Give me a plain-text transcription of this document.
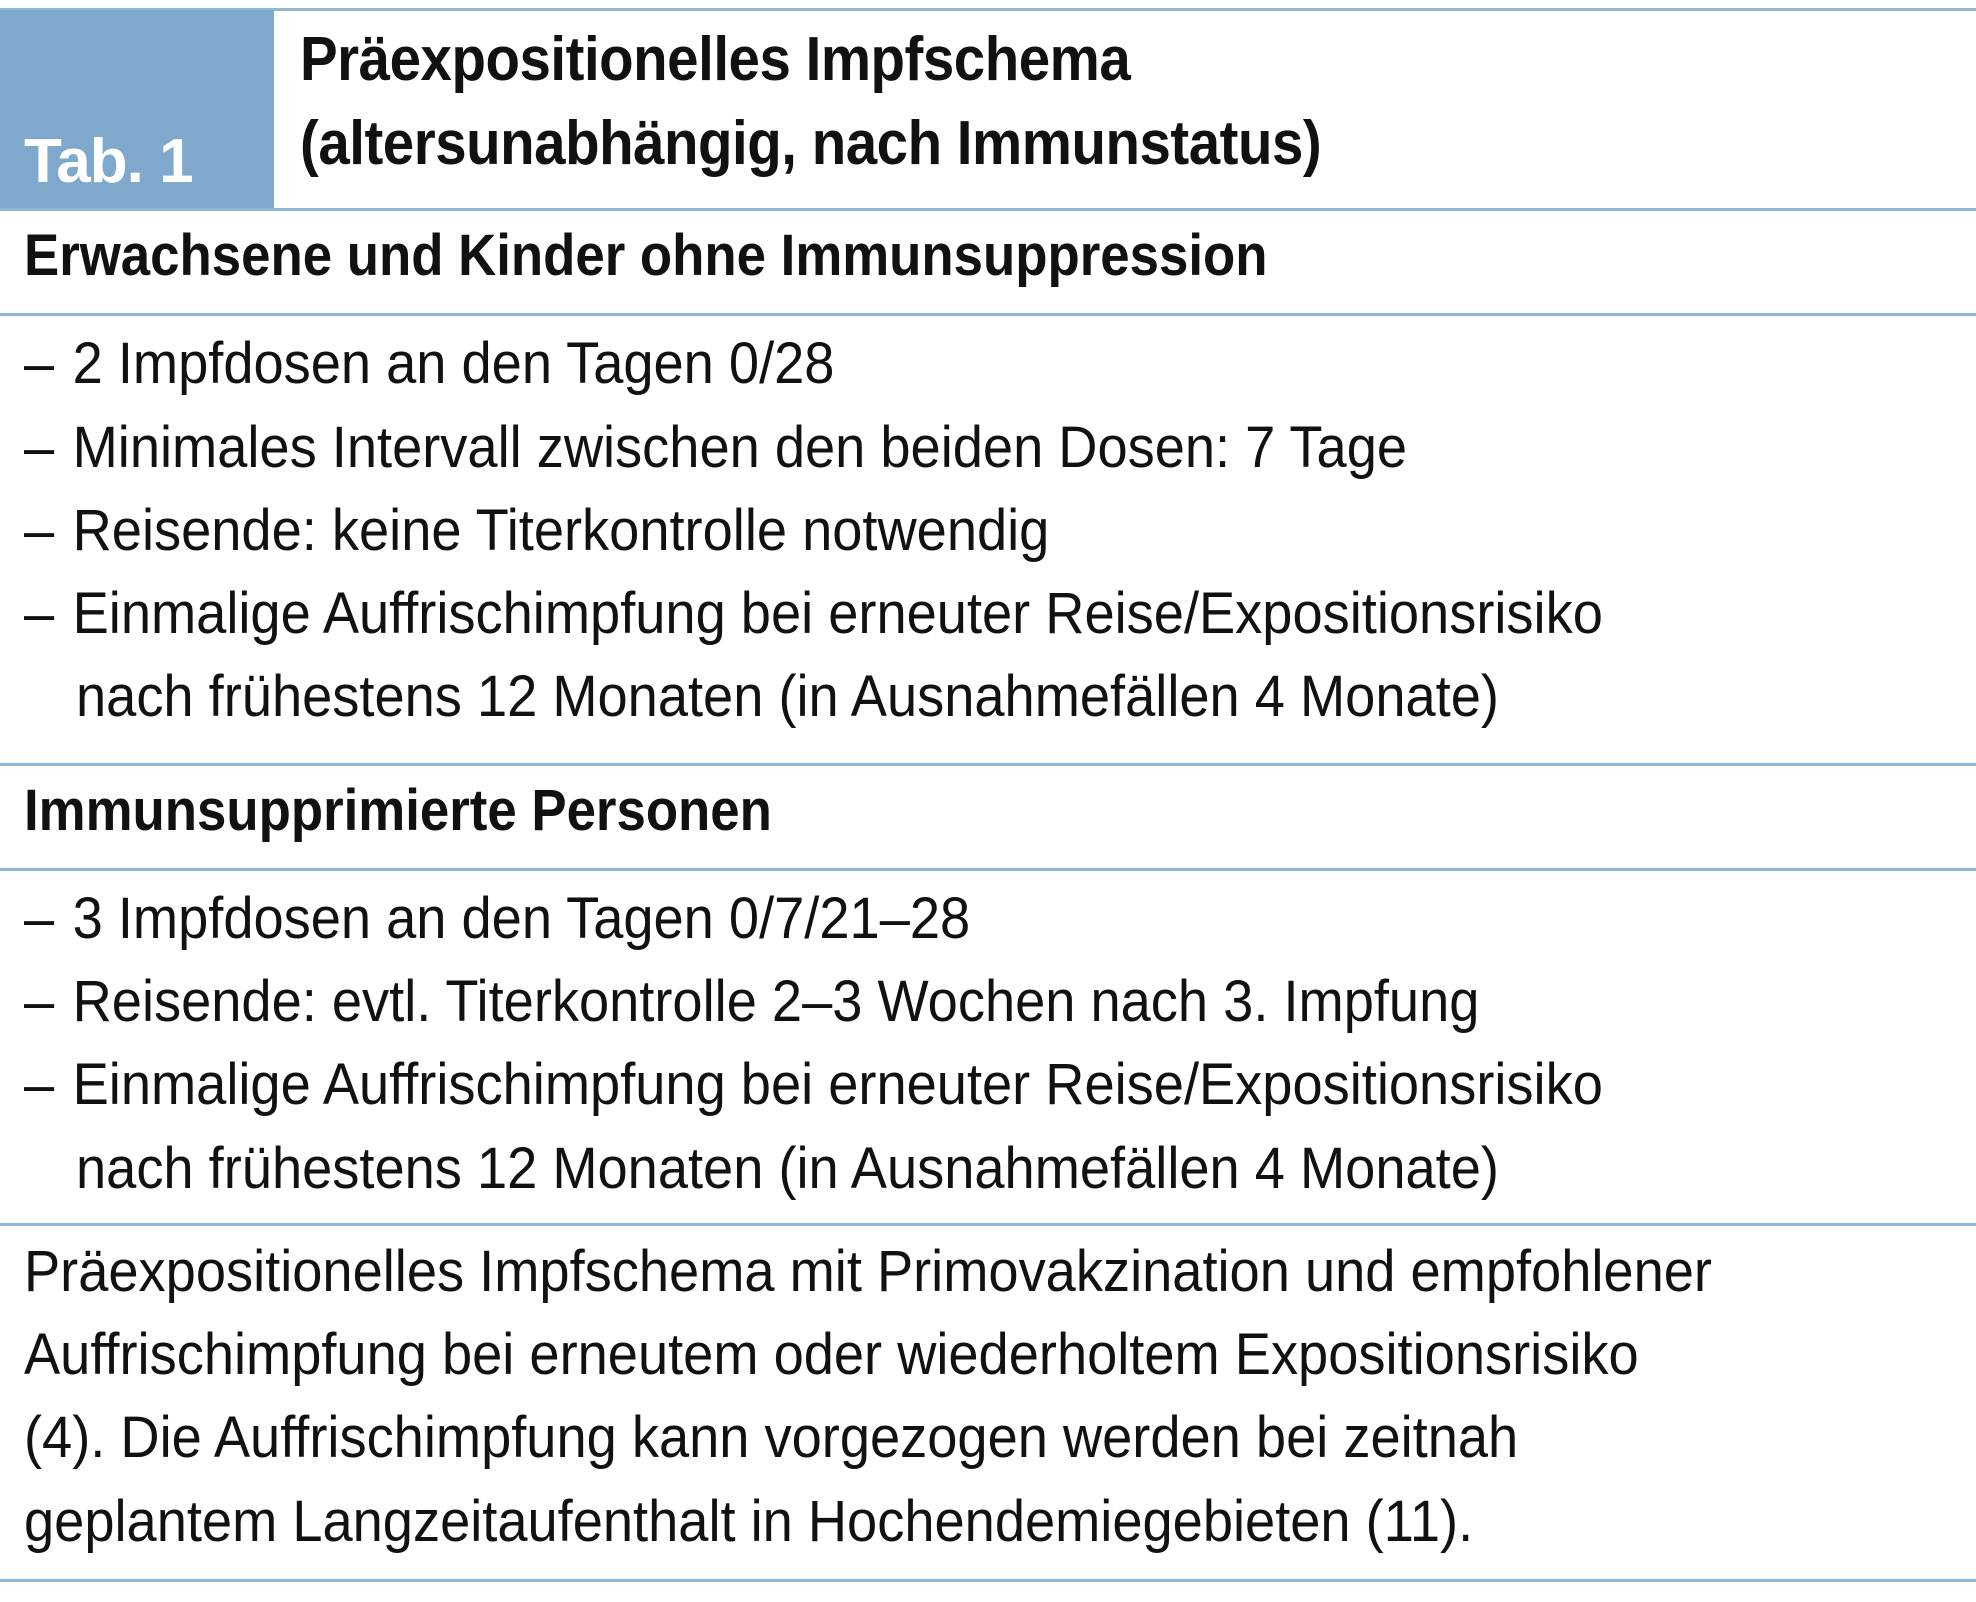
Tab. 1
Präexpositionelles Impfschema
(altersunabhängig, nach Immunstatus)
Erwachsene und Kinder ohne Immunsuppression
– 2 Impfdosen an den Tagen 0/28
– Minimales Intervall zwischen den beiden Dosen: 7 Tage
– Reisende: keine Titerkontrolle notwendig
– Einmalige Auffrischimpfung bei erneuter Reise/Expositionsrisiko
nach frühestens 12 Monaten (in Ausnahmefällen 4 Monate)
Immunsupprimierte Personen
– 3 Impfdosen an den Tagen 0/7/21–28
– Reisende: evtl. Titerkontrolle 2–3 Wochen nach 3. Impfung
– Einmalige Auffrischimpfung bei erneuter Reise/Expositionsrisiko
nach frühestens 12 Monaten (in Ausnahmefällen 4 Monate)
Präexpositionelles Impfschema mit Primovakzination und empfohlener
Auffrischimpfung bei erneutem oder wiederholtem Expositionsrisiko
(4). Die Auffrischimpfung kann vorgezogen werden bei zeitnah
geplantem Langzeitaufenthalt in Hochendemiegebieten (11).
